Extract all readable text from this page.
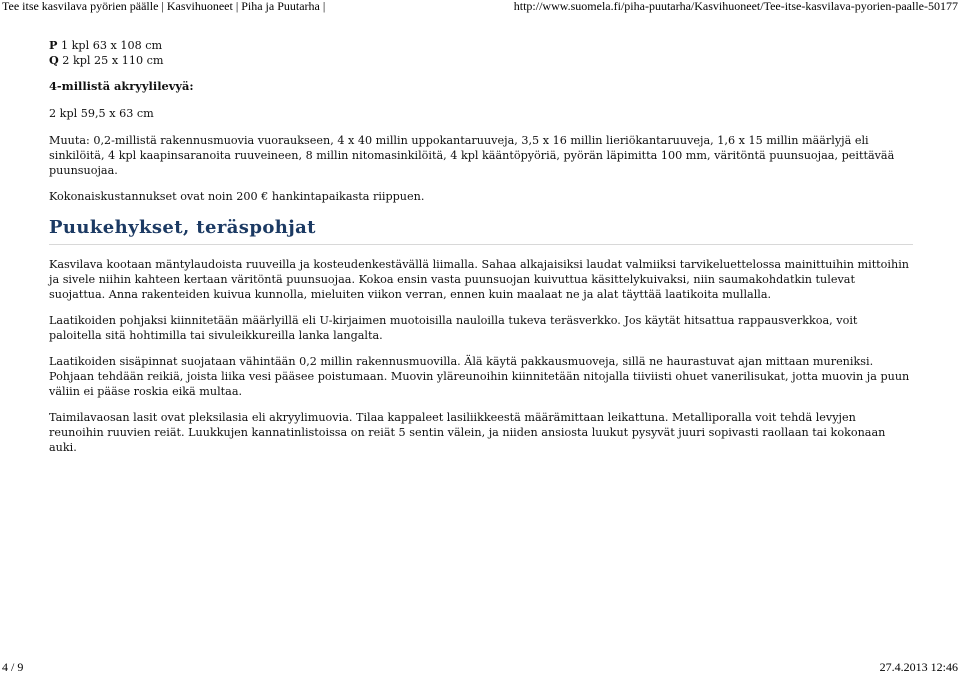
Tee itse kasvilava pyörien päälle | Kasvihuoneet | Piha ja Puutarha |	http://www.suomela.fi/piha-puutarha/Kasvihuoneet/Tee-itse-kasvilava-pyorien-paalle-50177

P 1 kpl 63 x 108 cm

Q 2 kpl 25 x 110 cm

4-millistä akryylilevyä:

2 kpl 59,5 x 63 cm

Muuta: 0,2-millistä rakennusmuovia vuoraukseen, 4 x 40 millin uppokantaruuveja, 3,5 x 16 millin lieriökantaruuveja, 1,6 x 15 millin määrlyjä eli sinkilöitä, 4 kpl kaapinsaranoita ruuveineen, 8 millin nitomasinkilöitä, 4 kpl kääntöpyöriä, pyörän läpimitta 100 mm, väritöntä puunsuojaa, peittävää puunsuojaa.

Kokonaiskustannukset ovat noin 200 € hankintapaikasta riippuen.

Puukehykset, teräspohjat

Kasvilava kootaan mäntylaudoista ruuveilla ja kosteudenkestävällä liimalla. Sahaa alkajaisiksi laudat valmiiksi tarvikeluettelossa mainittuihin mittoihin ja sivele niihin kahteen kertaan väritöntä puunsuojaa. Kokoa ensin vasta puunsuojan kuivuttua käsittelykuivaksi, niin saumakohdatkin tulevat suojattua. Anna rakenteiden kuivua kunnolla, mieluiten viikon verran, ennen kuin maalaat ne ja alat täyttää laatikoita mullalla.

Laatikoiden pohjaksi kiinnitetään määrlyillä eli U-kirjaimen muotoisilla nauloilla tukeva teräsverkko. Jos käytät hitsattua rappausverkkoa, voit paloitella sitä hohtimilla tai sivuleikkureilla lanka langalta.

Laatikoiden sisäpinnat suojataan vähintään 0,2 millin rakennusmuovilla. Älä käytä pakkausmuoveja, sillä ne haurastuvat ajan mittaan mureniksi. Pohjaan tehdään reikiä, joista liika vesi pääsee poistumaan. Muovin yläreunoihin kiinnitetään nitojalla tiiviisti ohuet vanerilisukat, jotta muovin ja puun väliin ei pääse roskia eikä multaa.

Taimilavaosan lasit ovat pleksilasia eli akryylimuovia. Tilaa kappaleet lasiliikkeestä määrämittaan leikattuna. Metalliporalla voit tehdä levyjen reunoihin ruuvien reiät. Luukkujen kannatinlistoissa on reiät 5 sentin välein, ja niiden ansiosta luukut pysyvät juuri sopivasti raollaan tai kokonaan auki.

4 / 9	27.4.2013 12:46
